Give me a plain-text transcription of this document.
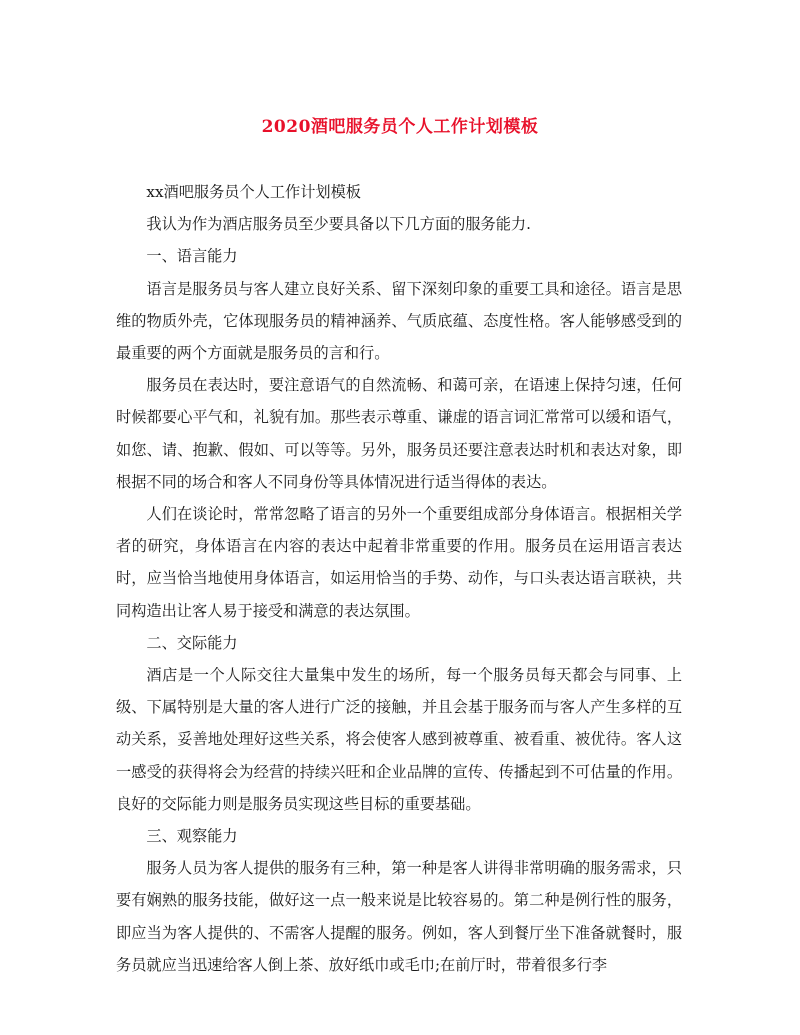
2020酒吧服务员个人工作计划模板

xx酒吧服务员个人工作计划模板

我认为作为酒店服务员至少要具备以下几方面的服务能力.

一、语言能力

语言是服务员与客人建立良好关系、留下深刻印象的重要工具和途径。语言是思维的物质外壳，它体现服务员的精神涵养、气质底蕴、态度性格。客人能够感受到的最重要的两个方面就是服务员的言和行。

服务员在表达时，要注意语气的自然流畅、和蔼可亲，在语速上保持匀速，任何时候都要心平气和，礼貌有加。那些表示尊重、谦虚的语言词汇常常可以缓和语气，如您、请、抱歉、假如、可以等等。另外，服务员还要注意表达时机和表达对象，即根据不同的场合和客人不同身份等具体情况进行适当得体的表达。

人们在谈论时，常常忽略了语言的另外一个重要组成部分身体语言。根据相关学者的研究，身体语言在内容的表达中起着非常重要的作用。服务员在运用语言表达时，应当恰当地使用身体语言，如运用恰当的手势、动作，与口头表达语言联袂，共同构造出让客人易于接受和满意的表达氛围。

二、交际能力

酒店是一个人际交往大量集中发生的场所，每一个服务员每天都会与同事、上级、下属特别是大量的客人进行广泛的接触，并且会基于服务而与客人产生多样的互动关系，妥善地处理好这些关系，将会使客人感到被尊重、被看重、被优待。客人这一感受的获得将会为经营的持续兴旺和企业品牌的宣传、传播起到不可估量的作用。良好的交际能力则是服务员实现这些目标的重要基础。

三、观察能力

服务人员为客人提供的服务有三种，第一种是客人讲得非常明确的服务需求，只要有娴熟的服务技能，做好这一点一般来说是比较容易的。第二种是例行性的服务，即应当为客人提供的、不需客人提醒的服务。例如，客人到餐厅坐下准备就餐时，服务员就应当迅速给客人倒上茶、放好纸巾或毛巾;在前厅时，带着很多行李
